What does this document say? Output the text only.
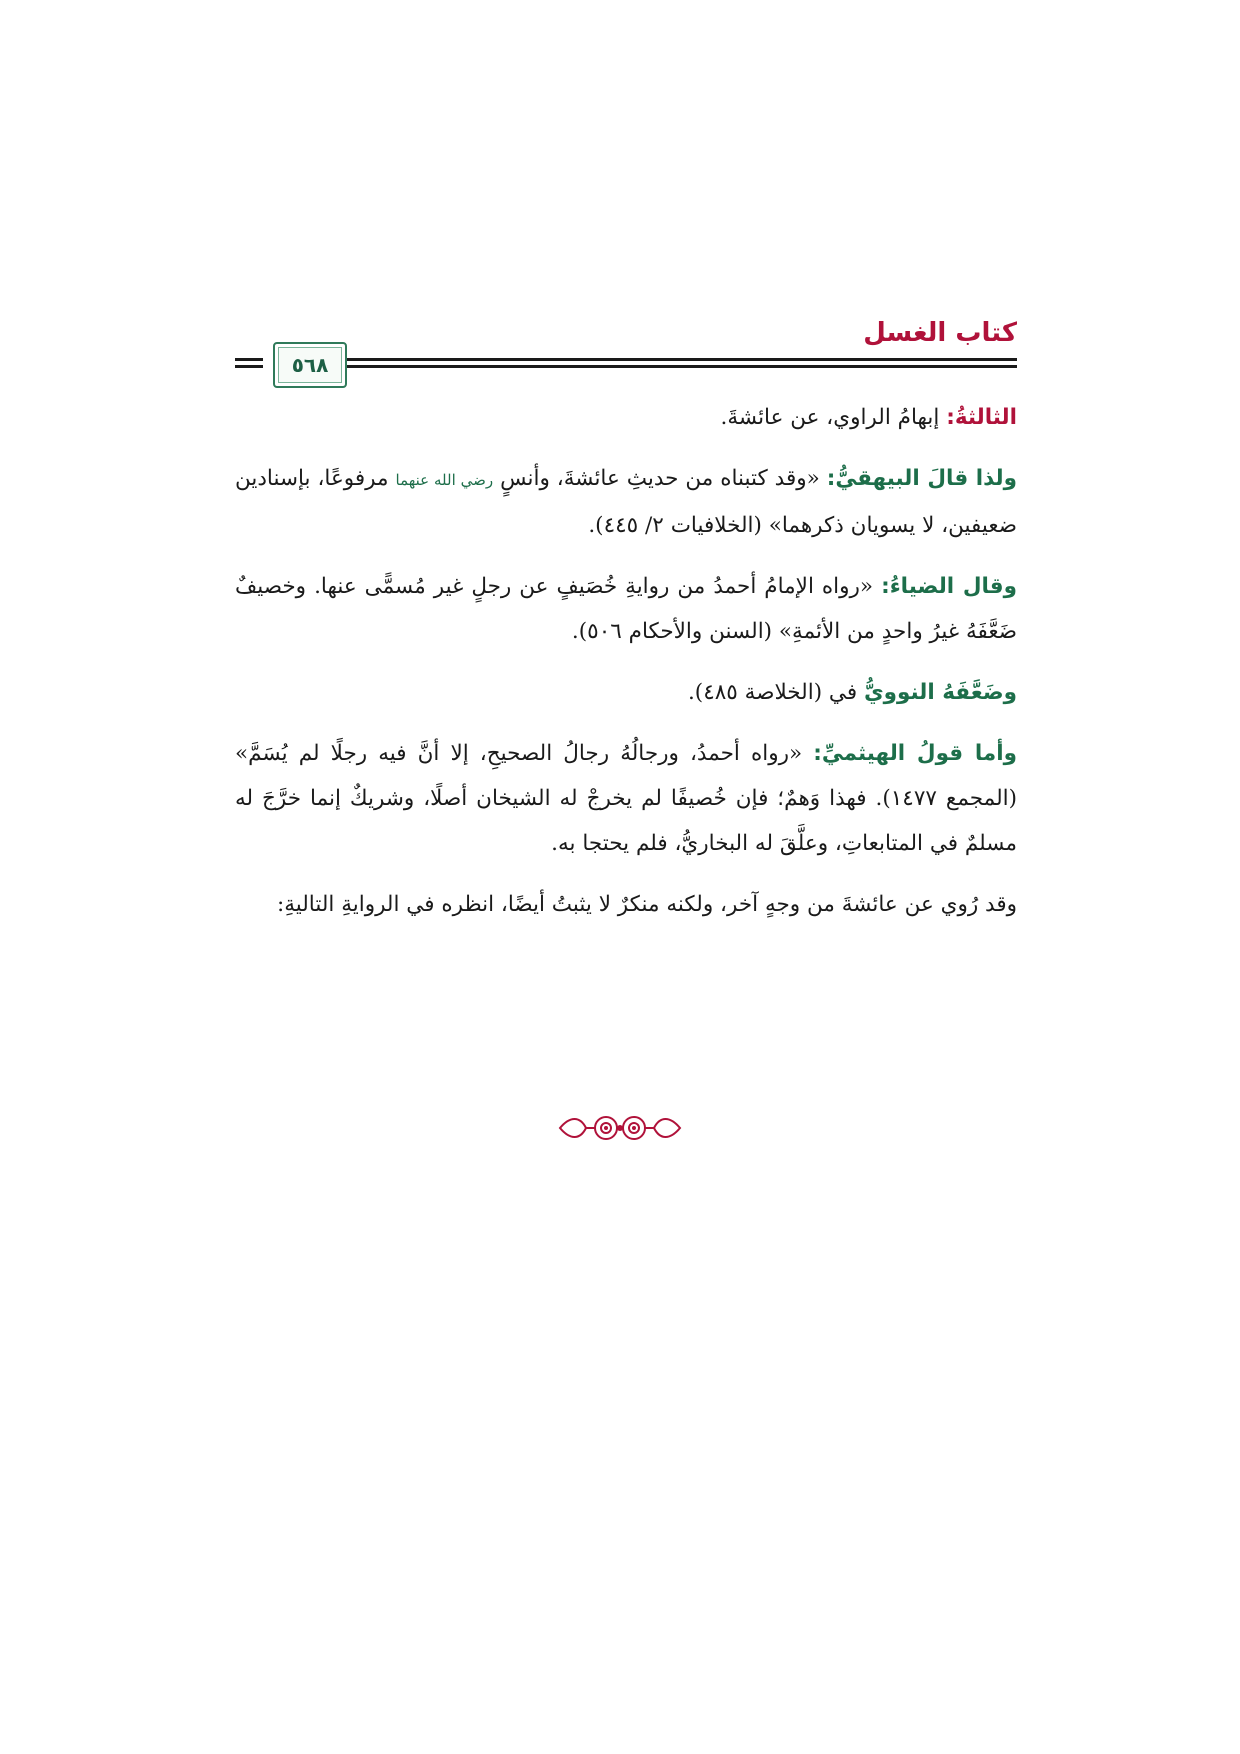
كتاب الغسل
٥٦٨

الثالثةُ: إبهامُ الراوي، عن عائشةَ.

ولذا قالَ البيهقيُّ: «وقد كتبناه من حديثِ عائشةَ، وأنسٍ رضي الله عنهما مرفوعًا، بإسنادين ضعيفين، لا يسويان ذكرهما» (الخلافيات ٢/ ٤٤٥).

وقال الضياءُ: «رواه الإمامُ أحمدُ من روايةِ خُصَيفٍ عن رجلٍ غير مُسمًّى عنها. وخصيفٌ ضَعَّفَهُ غيرُ واحدٍ من الأئمةِ» (السنن والأحكام ٥٠٦).

وضَعَّفَهُ النوويُّ في (الخلاصة ٤٨٥).

وأما قولُ الهيثميِّ: «رواه أحمدُ، ورجالُهُ رجالُ الصحيحِ، إلا أنَّ فيه رجلًا لم يُسَمَّ» (المجمع ١٤٧٧). فهذا وَهمٌ؛ فإن خُصيفًا لم يخرجْ له الشيخان أصلًا، وشريكٌ إنما خرَّجَ له مسلمٌ في المتابعاتِ، وعلَّقَ له البخاريُّ، فلم يحتجا به.

وقد رُوي عن عائشةَ من وجهٍ آخر، ولكنه منكرٌ لا يثبتُ أيضًا، انظره في الروايةِ التاليةِ:
